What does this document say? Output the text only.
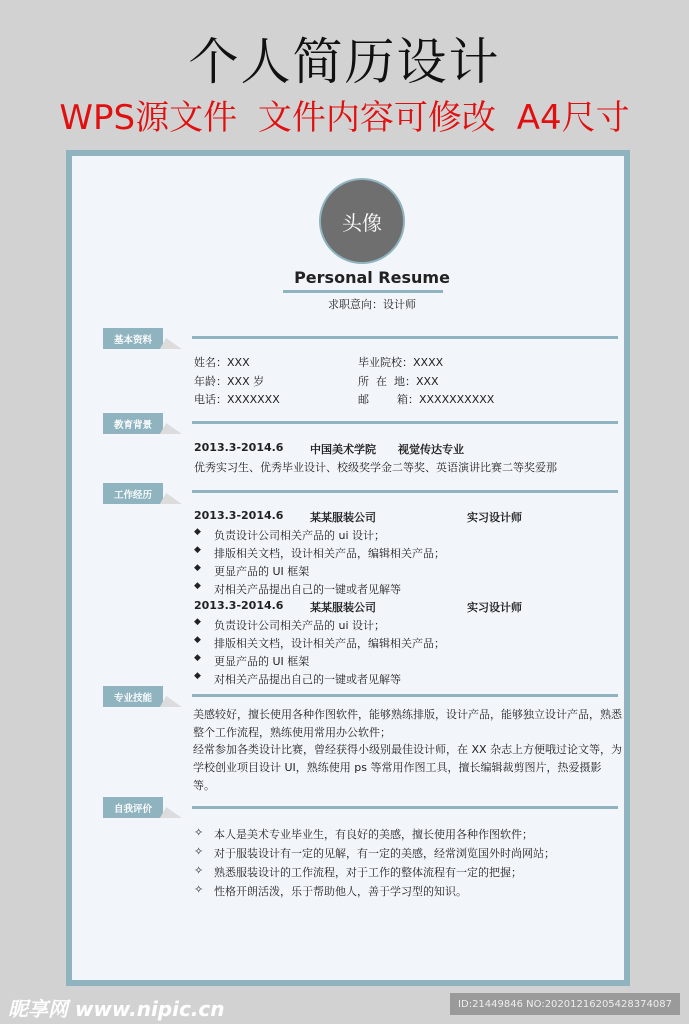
个人简历设计
WPS源文件 文件内容可修改 A4尺寸
头像
Personal Resume
求职意向：设计师
基本资料
姓名：XXX	毕业院校：XXXX
年龄：XXX 岁	所  在  地：XXX
电话：XXXXXXX	邮        箱：XXXXXXXXXX
教育背景
2013.3-2014.6 中国美术学院 视觉传达专业
优秀实习生、优秀毕业设计、校级奖学金二等奖、英语演讲比赛二等奖爱那
工作经历
2013.3-2014.6 某某服装公司	实习设计师
◆ 负责设计公司相关产品的 ui 设计；
◆ 排版相关文档，设计相关产品，编辑相关产品；
◆ 更显产品的 UI 框架
◆ 对相关产品提出自己的一键或者见解等
2013.3-2014.6 某某服装公司	实习设计师
◆ 负责设计公司相关产品的 ui 设计；
◆ 排版相关文档，设计相关产品，编辑相关产品；
◆ 更显产品的 UI 框架
◆ 对相关产品提出自己的一键或者见解等
专业技能
美感较好，擅长使用各种作图软件，能够熟练排版，设计产品，能够独立设计产品，熟悉整个工作流程，熟练使用常用办公软件；
经常参加各类设计比赛，曾经获得小级别最佳设计师，在 XX 杂志上方便哦过论文等，为学校创业项目设计 UI，熟练使用 ps 等常用作图工具，擅长编辑裁剪图片，热爱摄影等。
自我评价
✧ 本人是美术专业毕业生，有良好的美感，擅长使用各种作图软件；
✧ 对于服装设计有一定的见解，有一定的美感，经常浏览国外时尚网站；
✧ 熟悉服装设计的工作流程，对于工作的整体流程有一定的把握；
✧ 性格开朗活泼，乐于帮助他人，善于学习型的知识。
昵享网 www.nipic.cn	ID:21449846 NO:20201216205428374087
